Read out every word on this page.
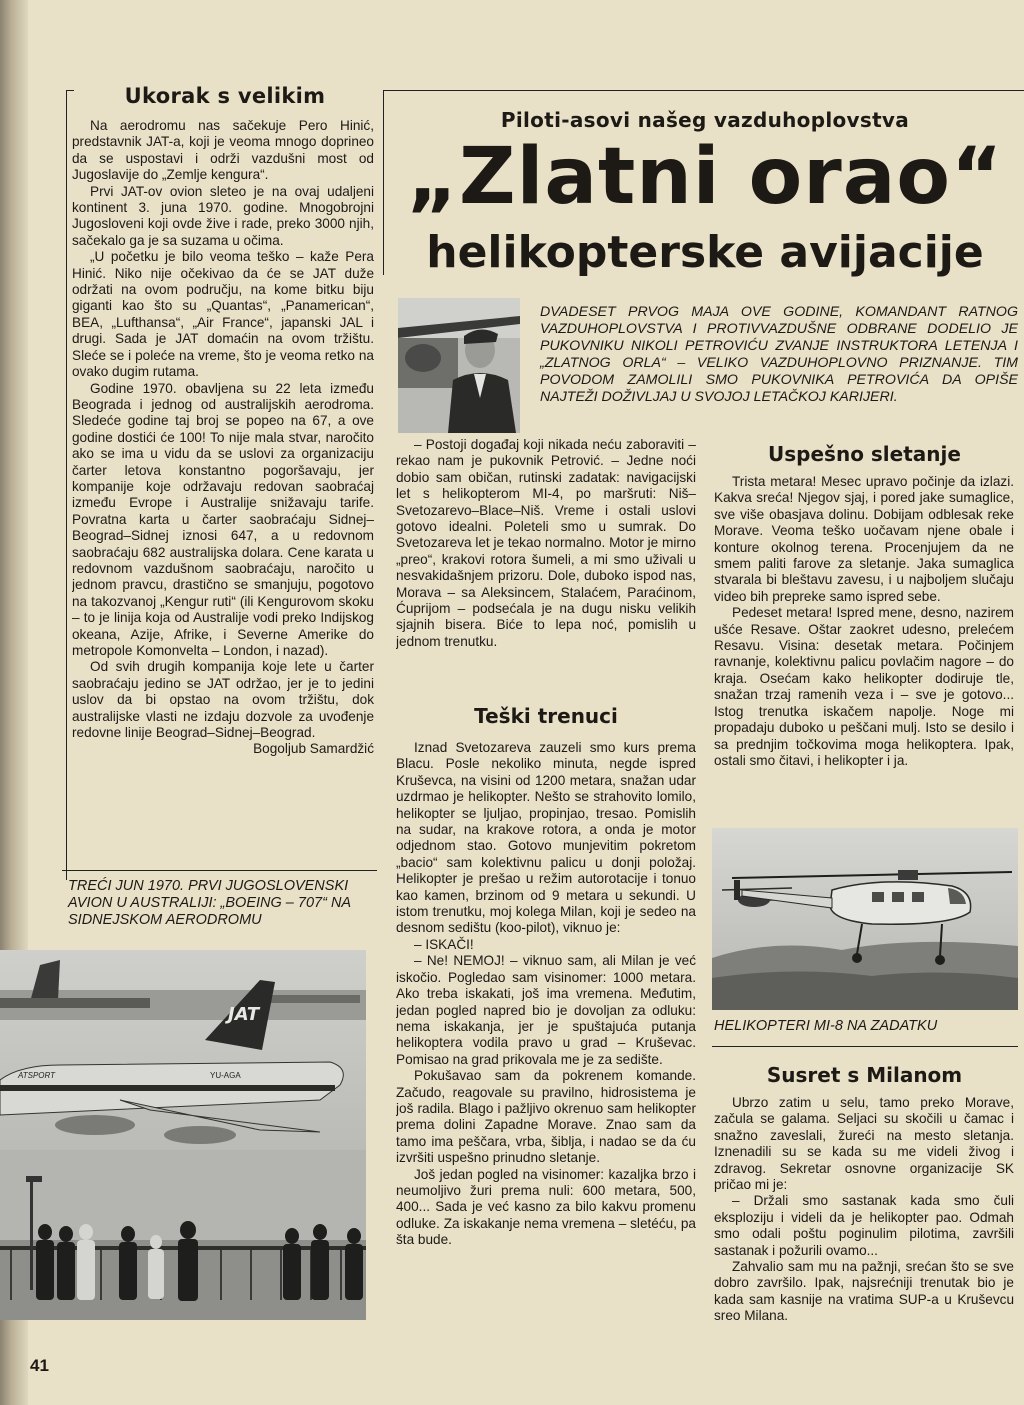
Ukorak s velikim

Na aerodromu nas sačekuje Pero Hinić, predstavnik JAT-a, koji je veoma mnogo doprineo da se uspostavi i održi vazdušni most od Jugoslavije do „Zemlje kengura“.

Prvi JAT-ov ovion sleteo je na ovaj udaljeni kontinent 3. juna 1970. godine. Mnogobrojni Jugosloveni koji ovde žive i rade, preko 3000 njih, sačekalo ga je sa suzama u očima.

„U početku je bilo veoma teško – kaže Pera Hinić. Niko nije očekivao da će se JAT duže održati na ovom području, na kome bitku biju giganti kao što su „Quantas“, „Panamerican“, BEA, „Lufthansa“, „Air France“, japanski JAL i drugi. Sada je JAT domaćin na ovom tržištu. Sleće se i poleće na vreme, što je veoma retko na ovako dugim rutama.

Godine 1970. obavljena su 22 leta između Beograda i jednog od australijskih aerodroma. Sledeće godine taj broj se popeo na 67, a ove godine dostići će 100! To nije mala stvar, naročito ako se ima u vidu da se uslovi za organizaciju čarter letova konstantno pogoršavaju, jer kompanije koje održavaju redovan saobraćaj između Evrope i Australije snižavaju tarife. Povratna karta u čarter saobraćaju Sidnej–Beograd–Sidnej iznosi 647, a u redovnom saobraćaju 682 australijska dolara. Cene karata u redovnom vazdušnom saobraćaju, naročito u jednom pravcu, drastično se smanjuju, pogotovo na takozvanoj „Kengur ruti“ (ili Kengurovom skoku – to je linija koja od Australije vodi preko Indijskog okeana, Azije, Afrike, i Severne Amerike do metropole Komonvelta – London, i nazad).

Od svih drugih kompanija koje lete u čarter saobraćaju jedino se JAT održao, jer je to jedini uslov da bi opstao na ovom tržištu, dok australijske vlasti ne izdaju dozvole za uvođenje redovne linije Beograd–Sidnej–Beograd.

Bogoljub Samardžić

TREĆI JUN 1970. PRVI JUGOSLOVENSKI AVION U AUSTRALIJI: „BOEING – 707“ NA SIDNEJSKOM AERODROMU
JAT
YU-AGA
ATSPORT
41
Piloti-asovi našeg vazduhoplovstva
„Zlatni orao“
helikopterske avijacije
DVADESET PRVOG MAJA OVE GODINE, KOMANDANT RATNOG VAZDUHOPLOVSTVA I PROTIVVAZDUŠNE ODBRANE DODELIO JE PUKOVNIKU NIKOLI PETROVIĆU ZVANJE INSTRUKTORA LETENJA I „ZLATNOG ORLA“ – VELIKO VAZDUHOPLOVNO PRIZNANJE. TIM POVODOM ZAMOLILI SMO PUKOVNIKA PETROVIĆA DA OPIŠE NAJTEŽI DOŽIVLJAJ U SVOJOJ LETAČKOJ KARIJERI.

– Postoji događaj koji nikada neću zaboraviti – rekao nam je pukovnik Petrović. – Jedne noći dobio sam običan, rutinski zadatak: navigacijski let s helikopterom MI-4, po maršruti: Niš–Svetozarevo–Blace–Niš. Vreme i ostali uslovi gotovo idealni. Poleteli smo u sumrak. Do Svetozareva let je tekao normalno. Motor je mirno „preo“, krakovi rotora šumeli, a mi smo uživali u nesvakidašnjem prizoru. Dole, duboko ispod nas, Morava – sa Aleksincem, Stalaćem, Paraćinom, Ćuprijom – podsećala je na dugu nisku velikih sjajnih bisera. Biće to lepa noć, pomislih u jednom trenutku.

Teški trenuci

Iznad Svetozareva zauzeli smo kurs prema Blacu. Posle nekoliko minuta, negde ispred Kruševca, na visini od 1200 metara, snažan udar uzdrmao je helikopter. Nešto se strahovito lomilo, helikopter se ljuljao, propinjao, tresao. Pomislih na sudar, na krakove rotora, a onda je motor odjednom stao. Gotovo munjevitim pokretom „bacio“ sam kolektivnu palicu u donji položaj. Helikopter je prešao u režim autorotacije i tonuo kao kamen, brzinom od 9 metara u sekundi. U istom trenutku, moj kolega Milan, koji je sedeo na desnom sedištu (koo-pilot), viknuo je:

– ISKAČI!

– Ne! NEMOJ! – viknuo sam, ali Milan je već iskočio. Pogledao sam visinomer: 1000 metara. Ako treba iskakati, još ima vremena. Međutim, jedan pogled napred bio je dovoljan za odluku: nema iskakanja, jer je spuštajuća putanja helikoptera vodila pravo u grad – Kruševac. Pomisao na grad prikovala me je za sedište.

Pokušavao sam da pokrenem komande. Začudo, reagovale su pravilno, hidrosistema je još radila. Blago i pažljivo okrenuo sam helikopter prema dolini Zapadne Morave. Znao sam da tamo ima peščara, vrba, šiblja, i nadao se da ću izvršiti uspešno prinudno sletanje.

Još jedan pogled na visinomer: kazaljka brzo i neumoljivo žuri prema nuli: 600 metara, 500, 400... Sada je već kasno za bilo kakvu promenu odluke. Za iskakanje nema vremena – sletéću, pa šta bude.

Uspešno sletanje

Trista metara! Mesec upravo počinje da izlazi. Kakva sreća! Njegov sjaj, i pored jake sumaglice, sve više obasjava dolinu. Dobijam odblesak reke Morave. Veoma teško uočavam njene obale i konture okolnog terena. Procenjujem da ne smem paliti farove za sletanje. Jaka sumaglica stvarala bi bleštavu zavesu, i u najboljem slučaju video bih prepreke samo ispred sebe.

Pedeset metara! Ispred mene, desno, nazirem ušće Resave. Oštar zaokret udesno, prelećem Resavu. Visina: desetak metara. Počinjem ravnanje, kolektivnu palicu povlačim nagore – do kraja. Osećam kako helikopter dodiruje tle, snažan trzaj ramenih veza i – sve je gotovo... Istog trenutka iskačem napolje. Noge mi propadaju duboko u peščani mulj. Isto se desilo i sa prednjim točkovima moga helikoptera. Ipak, ostali smo čitavi, i helikopter i ja.

HELIKOPTERI MI-8 NA ZADATKU
Susret s Milanom

Ubrzo zatim u selu, tamo preko Morave, začula se galama. Seljaci su skočili u čamac i snažno zaveslali, žureći na mesto sletanja. Iznenadili su se kada su me videli živog i zdravog. Sekretar osnovne organizacije SK pričao mi je:

– Držali smo sastanak kada smo čuli eksploziju i videli da je helikopter pao. Odmah smo odali poštu poginulim pilotima, završili sastanak i požurili ovamo...

Zahvalio sam mu na pažnji, srećan što se sve dobro završilo. Ipak, najsrećniji trenutak bio je kada sam kasnije na vratima SUP-a u Kruševcu sreo Milana.
